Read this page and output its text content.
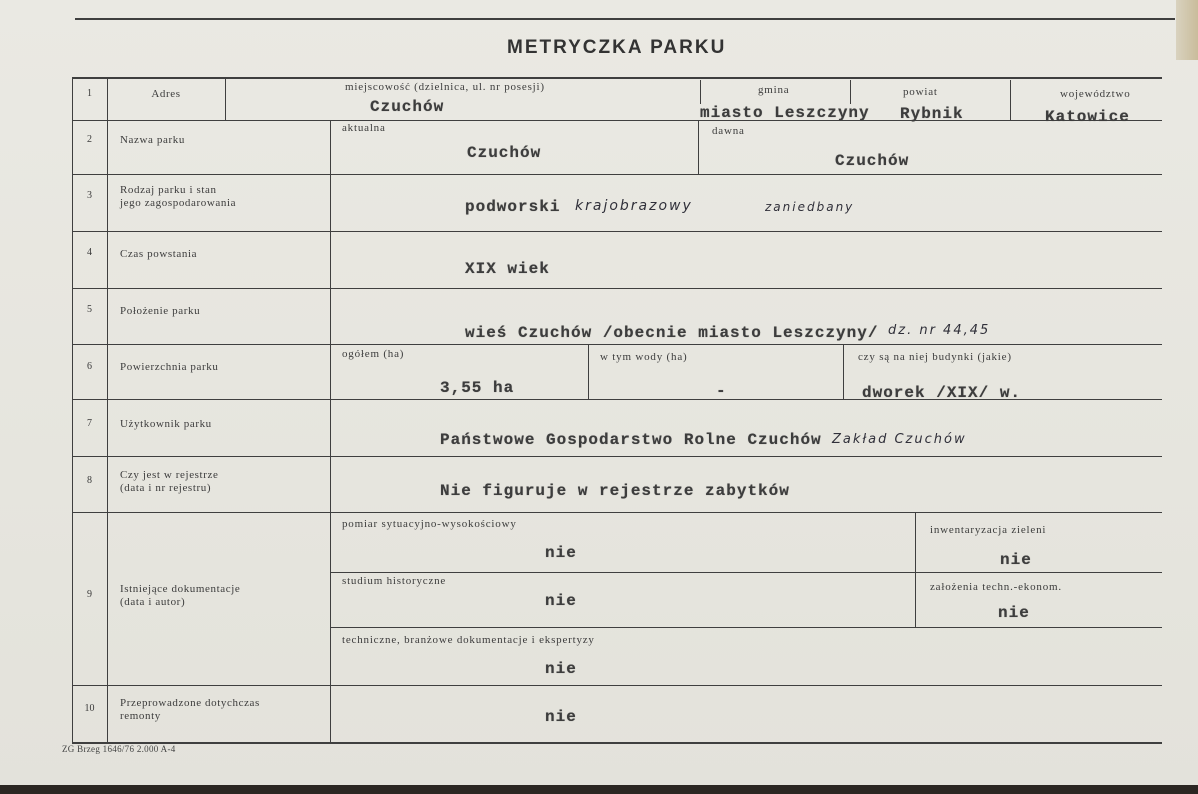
METRYCZKA PARKU
1
2
3
4
5
6
7
8
9
10
Adres
Nazwa parku
Rodzaj parku i stan
jego zagospodarowania
Czas powstania
Położenie parku
Powierzchnia parku
Użytkownik parku
Czy jest w rejestrze
(data i nr rejestru)
Istniejące dokumentacje
(data i autor)
Przeprowadzone dotychczas
remonty
miejscowość (dzielnica, ul. nr posesji)
Czuchów
gmina
miasto Leszczyny
powiat
Rybnik
województwo
Katowice
aktualna
Czuchów
dawna
Czuchów
podworski krajobrazowy	zaniedbany
XIX wiek
wieś Czuchów /obecnie miasto Leszczyny/ dz. nr 44,45
ogółem (ha)
3,55 ha
w tym wody (ha)
-
czy są na niej budynki (jakie)
dworek /XIX/ w.
Państwowe Gospodarstwo Rolne Czuchów Zakład Czuchów
Nie figuruje w rejestrze zabytków
pomiar sytuacyjno-wysokościowy
nie
inwentaryzacja zieleni
nie
studium historyczne
nie
założenia techn.-ekonom.
nie
techniczne, branżowe dokumentacje i ekspertyzy
nie
nie
ZG Brzeg 1646/76 2.000 A-4
